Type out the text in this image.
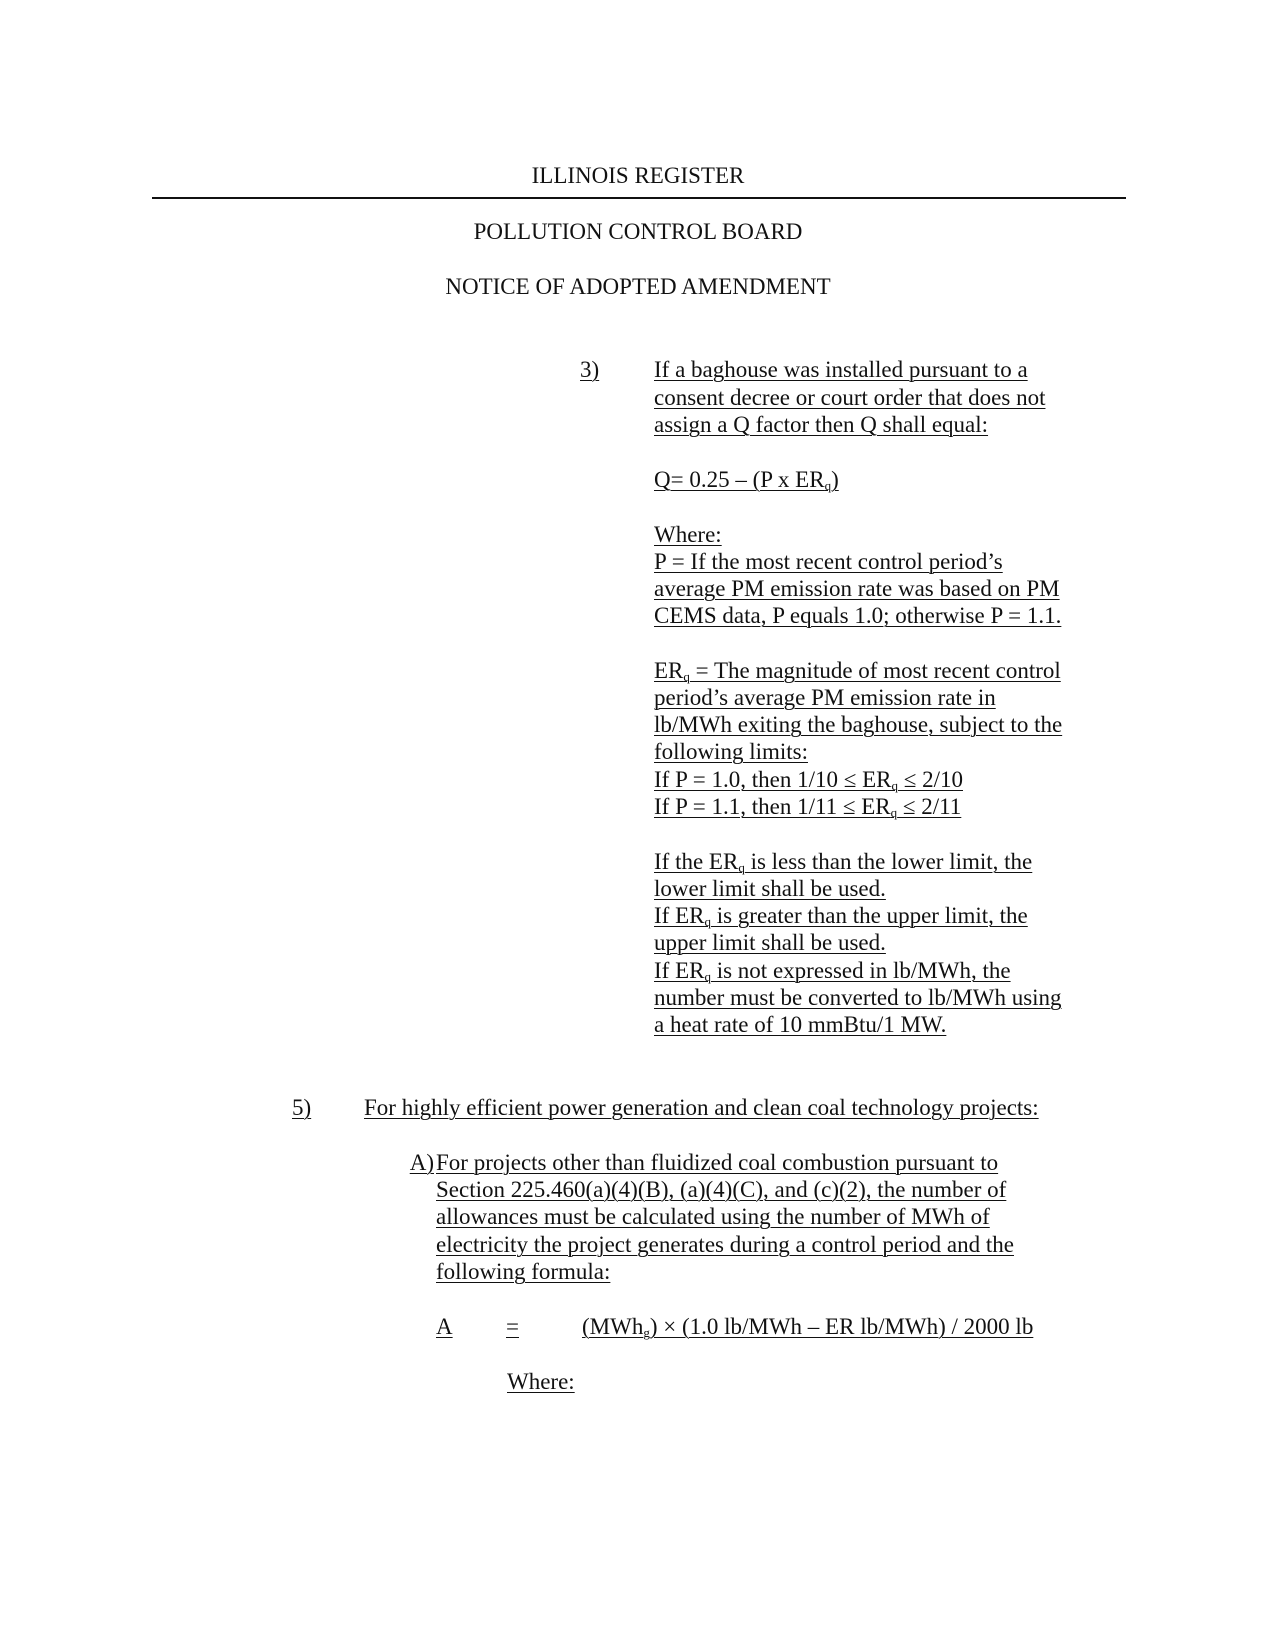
ILLINOIS REGISTER
POLLUTION CONTROL BOARD
NOTICE OF ADOPTED AMENDMENT
3)	If a baghouse was installed pursuant to a
consent decree or court order that does not
assign a Q factor then Q shall equal:
Q= 0.25 – (P x $ER_q$)
Where:
P = If the most recent control period’s
average PM emission rate was based on PM
CEMS data, P equals 1.0; otherwise P = 1.1.
$ER_q$ = The magnitude of most recent control
period’s average PM emission rate in
lb/MWh exiting the baghouse, subject to the
following limits:
If P = 1.0, then $1/10 \le ER_q \le 2/10$
If P = 1.1, then $1/11 \le ER_q \le 2/11$
If the $ER_q$ is less than the lower limit, the
lower limit shall be used.
If $ER_q$ is greater than the upper limit, the
upper limit shall be used.
If $ER_q$ is not expressed in lb/MWh, the
number must be converted to lb/MWh using
a heat rate of 10 mmBtu/1 MW.
5)	For highly efficient power generation and clean coal technology projects:
A) For projects other than fluidized coal combustion pursuant to
Section 225.460(a)(4)(B), (a)(4)(C), and (c)(2), the number of
allowances must be calculated using the number of MWh of
electricity the project generates during a control period and the
following formula:
A	=	(MWh$_g$) × (1.0 lb/MWh – ER lb/MWh) / 2000 lb
Where:
